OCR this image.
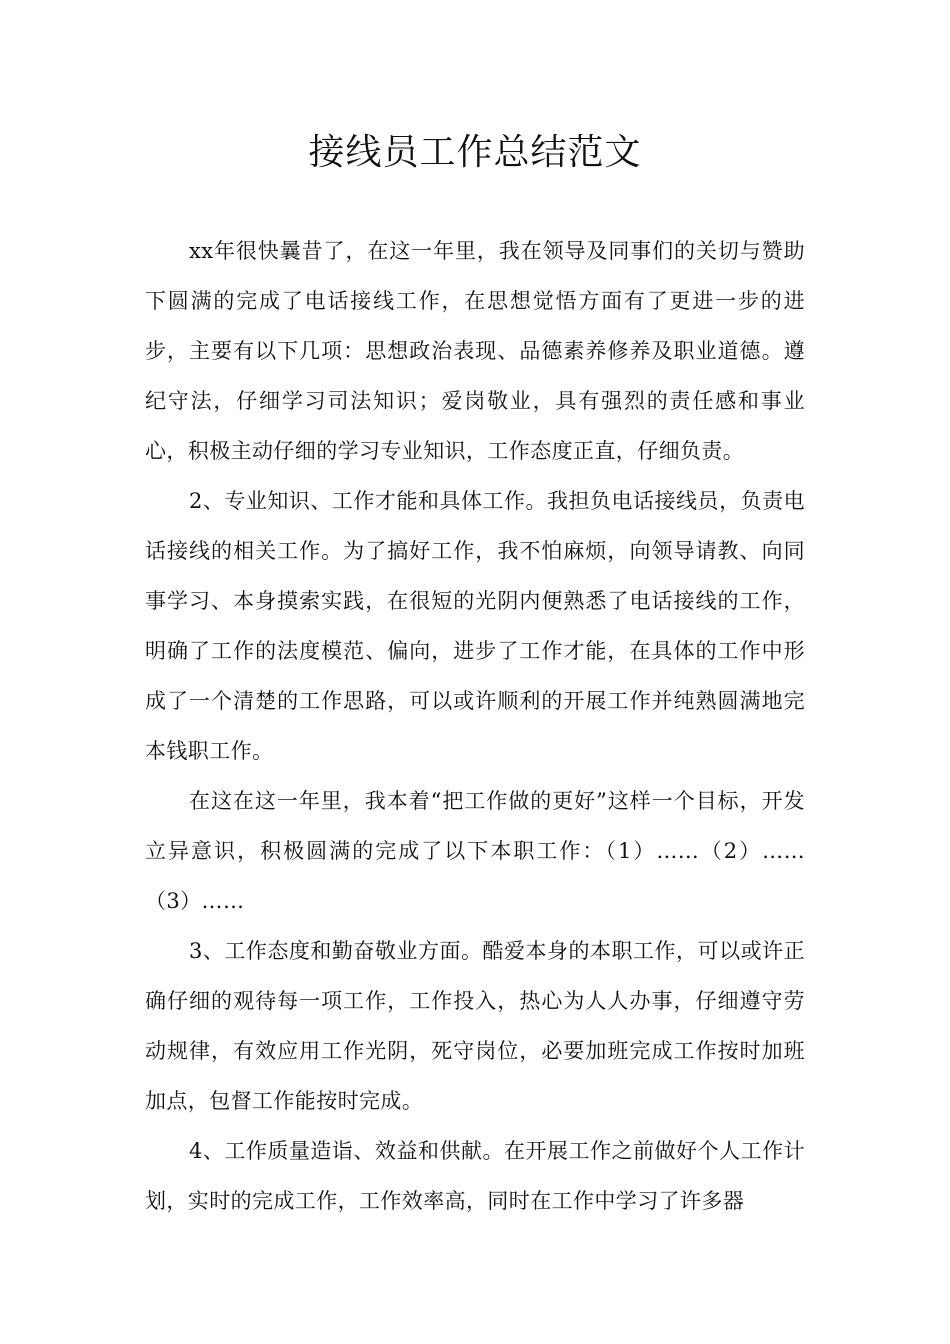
接线员工作总结范文

xx年很快曩昔了，在这一年里，我在领导及同事们的关切与赞助下圆满的完成了电话接线工作，在思想觉悟方面有了更进一步的进步，主要有以下几项：思想政治表现、品德素养修养及职业道德。遵纪守法，仔细学习司法知识；爱岗敬业，具有强烈的责任感和事业心，积极主动仔细的学习专业知识，工作态度正直，仔细负责。

2、专业知识、工作才能和具体工作。我担负电话接线员，负责电话接线的相关工作。为了搞好工作，我不怕麻烦，向领导请教、向同事学习、本身摸索实践，在很短的光阴内便熟悉了电话接线的工作，明确了工作的法度模范、偏向，进步了工作才能，在具体的工作中形成了一个清楚的工作思路，可以或许顺利的开展工作并纯熟圆满地完本钱职工作。

在这在这一年里，我本着“把工作做的更好”这样一个目标，开发立异意识，积极圆满的完成了以下本职工作：（1）……（2）……（3）……

3、工作态度和勤奋敬业方面。酷爱本身的本职工作，可以或许正确仔细的观待每一项工作，工作投入，热心为人人办事，仔细遵守劳动规律，有效应用工作光阴，死守岗位，必要加班完成工作按时加班加点，包督工作能按时完成。

4、工作质量造诣、效益和供献。在开展工作之前做好个人工作计划，实时的完成工作，工作效率高，同时在工作中学习了许多器
